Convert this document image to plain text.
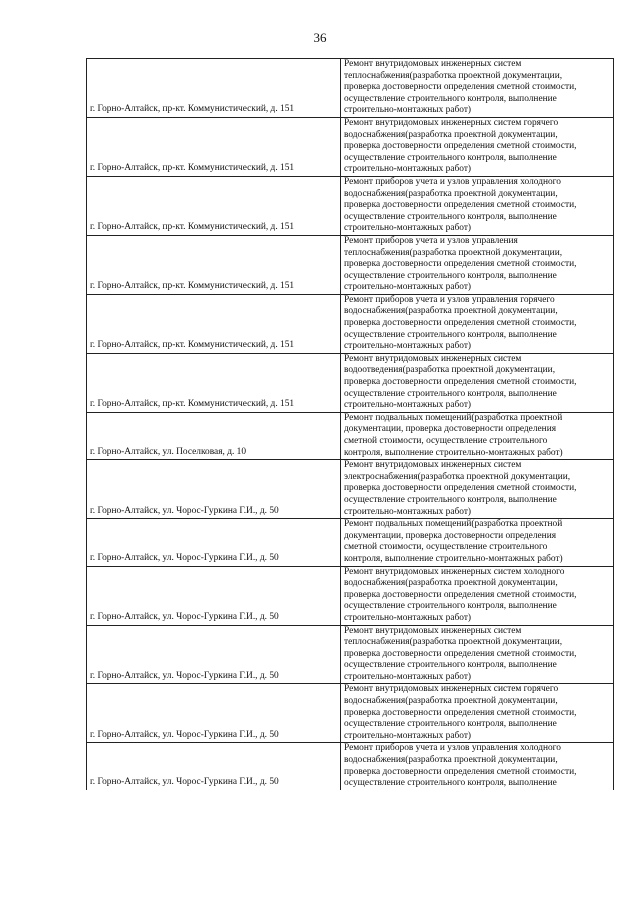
36
г. Горно-Алтайск, пр-кт. Коммунистический, д. 151	Ремонт внутридомовых инженерных систем
теплоснабжения(разработка проектной документации,
проверка достоверности определения сметной стоимости,
осуществление строительного контроля, выполнение
строительно-монтажных работ)

г. Горно-Алтайск, пр-кт. Коммунистический, д. 151	Ремонт внутридомовых инженерных систем горячего
водоснабжения(разработка проектной документации,
проверка достоверности определения сметной стоимости,
осуществление строительного контроля, выполнение
строительно-монтажных работ)

г. Горно-Алтайск, пр-кт. Коммунистический, д. 151	Ремонт приборов учета и узлов управления холодного
водоснабжения(разработка проектной документации,
проверка достоверности определения сметной стоимости,
осуществление строительного контроля, выполнение
строительно-монтажных работ)

г. Горно-Алтайск, пр-кт. Коммунистический, д. 151	Ремонт приборов учета и узлов управления
теплоснабжения(разработка проектной документации,
проверка достоверности определения сметной стоимости,
осуществление строительного контроля, выполнение
строительно-монтажных работ)

г. Горно-Алтайск, пр-кт. Коммунистический, д. 151	Ремонт приборов учета и узлов управления горячего
водоснабжения(разработка проектной документации,
проверка достоверности определения сметной стоимости,
осуществление строительного контроля, выполнение
строительно-монтажных работ)

г. Горно-Алтайск, пр-кт. Коммунистический, д. 151	Ремонт внутридомовых инженерных систем
водоотведения(разработка проектной документации,
проверка достоверности определения сметной стоимости,
осуществление строительного контроля, выполнение
строительно-монтажных работ)

г. Горно-Алтайск, ул. Поселковая, д. 10	Ремонт подвальных помещений(разработка проектной
документации, проверка достоверности определения
сметной стоимости, осуществление строительного
контроля, выполнение строительно-монтажных работ)

г. Горно-Алтайск, ул. Чорос-Гуркина Г.И., д. 50	Ремонт внутридомовых инженерных систем
электроснабжения(разработка проектной документации,
проверка достоверности определения сметной стоимости,
осуществление строительного контроля, выполнение
строительно-монтажных работ)

г. Горно-Алтайск, ул. Чорос-Гуркина Г.И., д. 50	Ремонт подвальных помещений(разработка проектной
документации, проверка достоверности определения
сметной стоимости, осуществление строительного
контроля, выполнение строительно-монтажных работ)

г. Горно-Алтайск, ул. Чорос-Гуркина Г.И., д. 50	Ремонт внутридомовых инженерных систем холодного
водоснабжения(разработка проектной документации,
проверка достоверности определения сметной стоимости,
осуществление строительного контроля, выполнение
строительно-монтажных работ)

г. Горно-Алтайск, ул. Чорос-Гуркина Г.И., д. 50	Ремонт внутридомовых инженерных систем
теплоснабжения(разработка проектной документации,
проверка достоверности определения сметной стоимости,
осуществление строительного контроля, выполнение
строительно-монтажных работ)

г. Горно-Алтайск, ул. Чорос-Гуркина Г.И., д. 50	Ремонт внутридомовых инженерных систем горячего
водоснабжения(разработка проектной документации,
проверка достоверности определения сметной стоимости,
осуществление строительного контроля, выполнение
строительно-монтажных работ)

г. Горно-Алтайск, ул. Чорос-Гуркина Г.И., д. 50	Ремонт приборов учета и узлов управления холодного
водоснабжения(разработка проектной документации,
проверка достоверности определения сметной стоимости,
осуществление строительного контроля, выполнение
